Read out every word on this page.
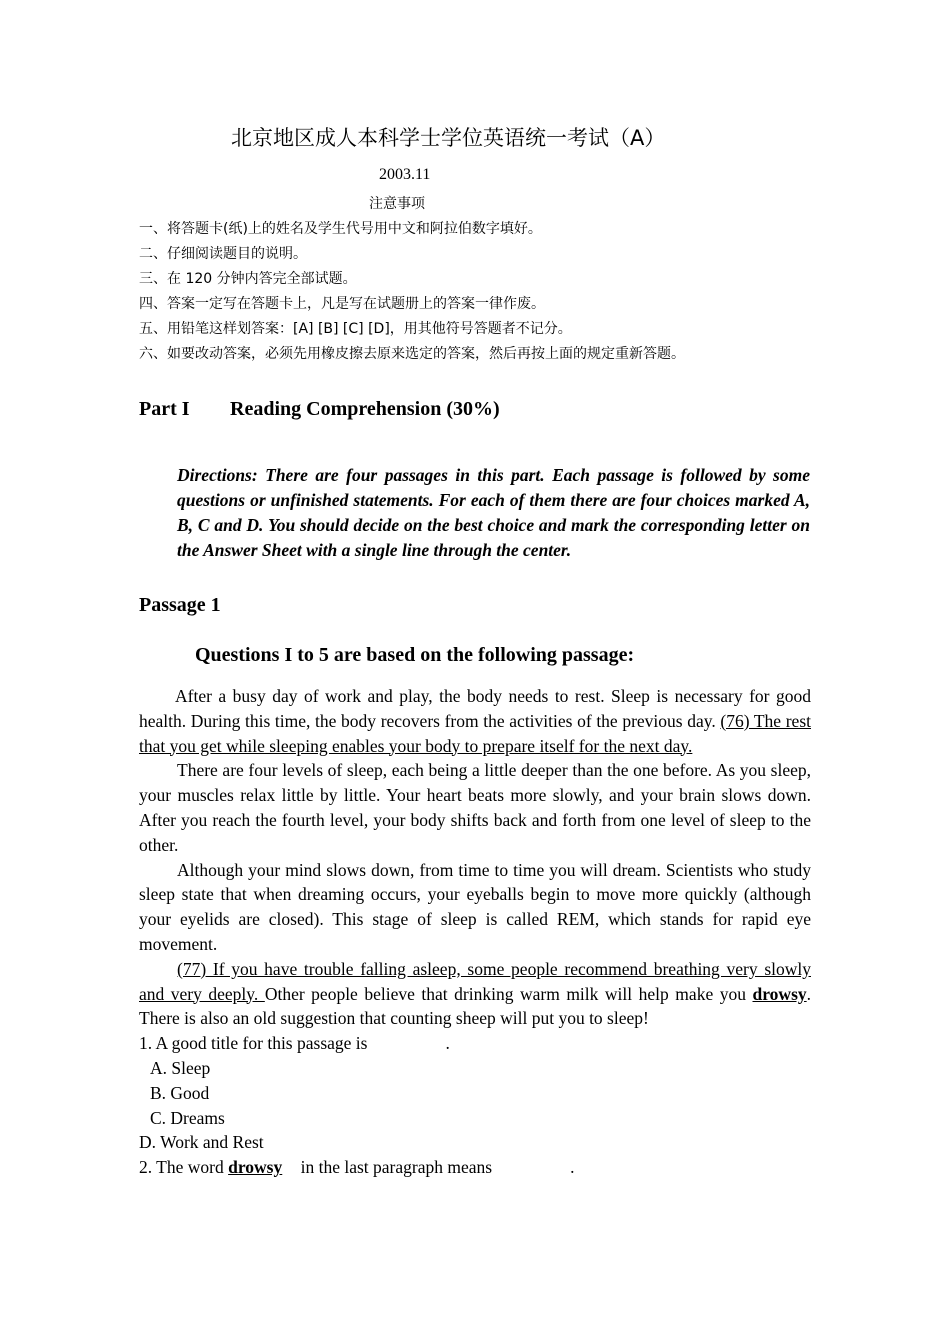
北京地区成人本科学士学位英语统一考试（A）
2003.11
注意事项
一、将答题卡(纸)上的姓名及学生代号用中文和阿拉伯数字填好。
二、仔细阅读题目的说明。
三、在 120 分钟内答完全部试题。
四、答案一定写在答题卡上，凡是写在试题册上的答案一律作废。
五、用铅笔这样划答案：[A] [B] [C] [D]，用其他符号答题者不记分。
六、如要改动答案，必须先用橡皮擦去原来选定的答案，然后再按上面的规定重新答题。
Part I Reading Comprehension (30%)
Directions: There are four passages in this part. Each passage is followed by some questions or unfinished statements. For each of them there are four choices marked A, B, C and D. You should decide on the best choice and mark the corresponding letter on the Answer Sheet with a single line through the center.
Passage 1
Questions I to 5 are based on the following passage:

After a busy day of work and play, the body needs to rest. Sleep is necessary for good health. During this time, the body recovers from the activities of the previous day. (76) The rest that you get while sleeping enables your body to prepare itself for the next day.

There are four levels of sleep, each being a little deeper than the one before. As you sleep, your muscles relax little by little. Your heart beats more slowly, and your brain slows down. After you reach the fourth level, your body shifts back and forth from one level of sleep to the other.

Although your mind slows down, from time to time you will dream. Scientists who study sleep state that when dreaming occurs, your eyeballs begin to move more quickly (although your eyelids are closed). This stage of sleep is called REM, which stands for rapid eye movement.

(77) If you have trouble falling asleep, some people recommend breathing very slowly and very deeply. Other people believe that drinking warm milk will help make you drowsy. There is also an old suggestion that counting sheep will put you to sleep!

1. A good title for this passage is	.

A. Sleep

B. Good

C. Dreams

D. Work and Rest

2. The word drowsy in the last paragraph means	.
